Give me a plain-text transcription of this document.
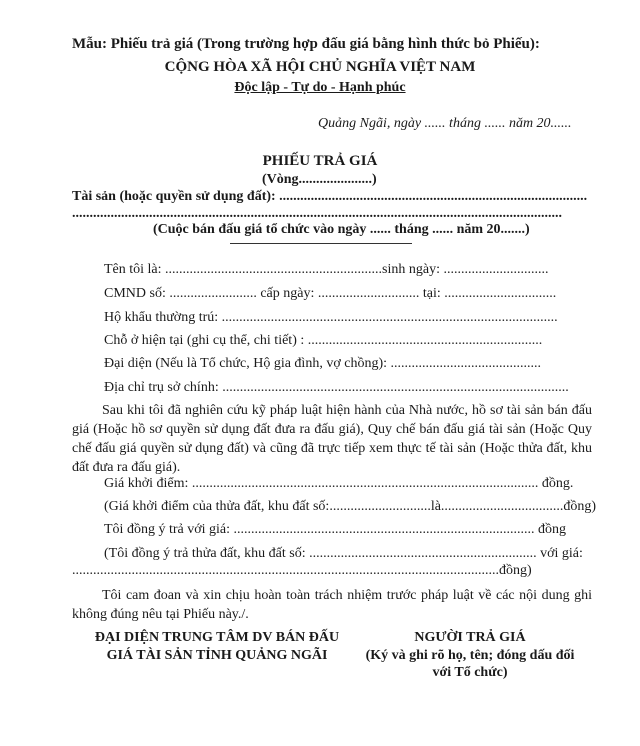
Mẫu: Phiếu trả giá (Trong trường hợp đấu giá bằng hình thức bỏ Phiếu):
CỘNG HÒA XÃ HỘI CHỦ NGHĨA VIỆT NAM
Độc lập - Tự do - Hạnh phúc
Quảng Ngãi, ngày ...... tháng ...... năm 20......
PHIẾU TRẢ GIÁ
(Vòng.....................)
Tài sản (hoặc quyền sử dụng đất): ........................................................................................
............................................................................................................................................
(Cuộc bán đấu giá tổ chức vào ngày ...... tháng ...... năm 20.......)
Tên tôi là: ..............................................................sinh ngày: ..............................
CMND số: ......................... cấp ngày: ............................. tại: ................................
Hộ khẩu thường trú: ................................................................................................
Chỗ ở hiện tại (ghi cụ thể, chi tiết) : ...................................................................
Đại diện (Nếu là Tổ chức, Hộ gia đình, vợ chồng): ...........................................
Địa chỉ trụ sở chính: ...................................................................................................
Sau khi tôi đã nghiên cứu kỹ pháp luật hiện hành của Nhà nước, hồ sơ tài sản bán đấu giá (Hoặc hồ sơ quyền sử dụng đất đưa ra đấu giá), Quy chế bán đấu giá tài sản (Hoặc Quy chế đấu giá quyền sử dụng đất) và cũng đã trực tiếp xem thực tế tài sản (Hoặc thửa đất, khu đất đưa ra đấu giá).
Giá khởi điểm: ................................................................................................... đồng.
(Giá khởi điểm của thửa đất, khu đất số:.............................là...................................đồng)
Tôi đồng ý trả với giá: ...................................................................................... đồng
(Tôi đồng ý trả thửa đất, khu đất số: ................................................................. với giá:
..........................................................................................................................đồng)
Tôi cam đoan và xin chịu hoàn toàn trách nhiệm trước pháp luật về các nội dung ghi không đúng nêu tại Phiếu này./.
ĐẠI DIỆN TRUNG TÂM DV BÁN ĐẤU
GIÁ TÀI SẢN TỈNH QUẢNG NGÃI
NGƯỜI TRẢ GIÁ
(Ký và ghi rõ họ, tên; đóng dấu đối
với Tổ chức)
